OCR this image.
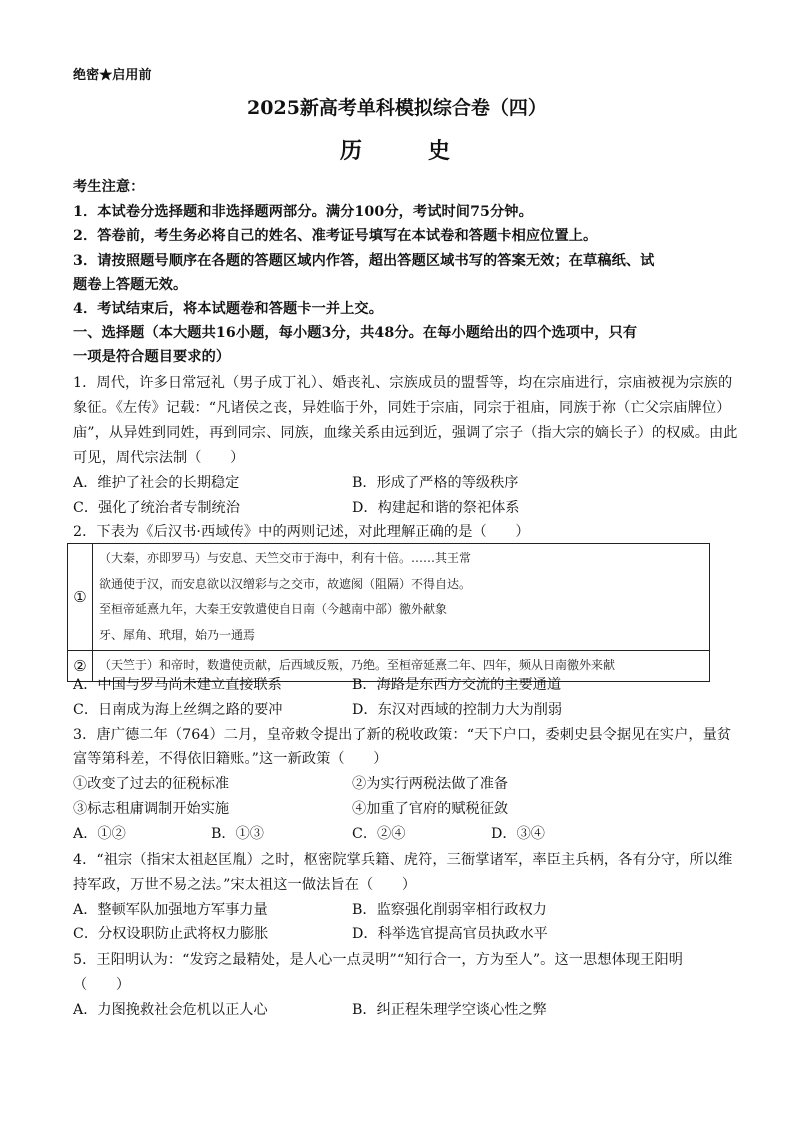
绝密★启用前
2025新高考单科模拟综合卷（四）
历　史
考生注意：
1．本试卷分选择题和非选择题两部分。满分100分，考试时间75分钟。
2．答卷前，考生务必将自己的姓名、准考证号填写在本试卷和答题卡相应位置上。
3．请按照题号顺序在各题的答题区域内作答，超出答题区域书写的答案无效；在草稿纸、试
题卷上答题无效。
4．考试结束后，将本试题卷和答题卡一并上交。
一、选择题（本大题共16小题，每小题3分，共48分。在每小题给出的四个选项中，只有
一项是符合题目要求的）
1．周代，许多日常冠礼（男子成丁礼）、婚丧礼、宗族成员的盟誓等，均在宗庙进行，宗庙被视为宗族的
象征。《左传》记载：“凡诸侯之丧，异姓临于外，同姓于宗庙，同宗于祖庙，同族于祢（亡父宗庙牌位）
庙”，从异姓到同姓，再到同宗、同族，血缘关系由远到近，强调了宗子（指大宗的嫡长子）的权威。由此
可见，周代宗法制（　　）
A．维护了社会的长期稳定	B．形成了严格的等级秩序
C．强化了统治者专制统治	D．构建起和谐的祭祀体系
2．下表为《后汉书·西域传》中的两则记述，对此理解正确的是（　　）
①	（大秦，亦即罗马）与安息、天竺交市于海中，利有十倍。……其王常
欲通使于汉，而安息欲以汉缯彩与之交市，故遮阂（阻隔）不得自达。
至桓帝延熹九年，大秦王安敦遣使自日南（今越南中部）徼外献象
牙、犀角、玳瑁，始乃一通焉

②	（天竺于）和帝时，数遣使贡献，后西域反叛，乃绝。至桓帝延熹二年、四年，频从日南徼外来献
A．中国与罗马尚未建立直接联系	B．海路是东西方交流的主要通道
C．日南成为海上丝绸之路的要冲	D．东汉对西域的控制力大为削弱
3．唐广德二年（764）二月，皇帝敕令提出了新的税收政策：“天下户口，委刺史县令据见在实户，量贫
富等第科差，不得依旧籍账。”这一新政策（　　）
①改变了过去的征税标准	②为实行两税法做了准备
③标志租庸调制开始实施	④加重了官府的赋税征敛
A．①②	B．①③	C．②④	D．③④
4．“祖宗（指宋太祖赵匡胤）之时，枢密院掌兵籍、虎符，三衙掌诸军，率臣主兵柄，各有分守，所以维
持军政，万世不易之法。”宋太祖这一做法旨在（　　）
A．整顿军队加强地方军事力量	B．监察强化削弱宰相行政权力
C．分权设职防止武将权力膨胀	D．科举选官提高官员执政水平
5．王阳明认为：“发窍之最精处，是人心一点灵明”“知行合一，方为至人”。这一思想体现王阳明
（　　）
A．力图挽救社会危机以正人心	B．纠正程朱理学空谈心性之弊
